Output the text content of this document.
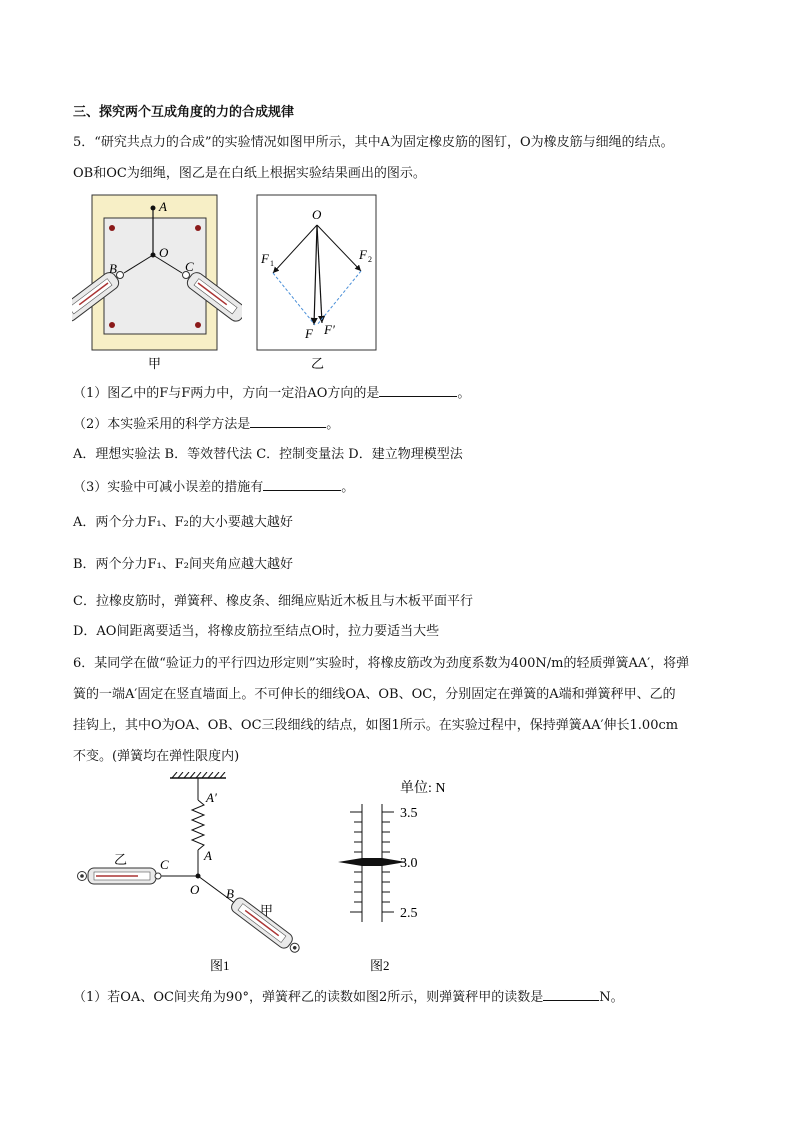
三、探究两个互成角度的力的合成规律
5．“研究共点力的合成”的实验情况如图甲所示，其中A为固定橡皮筋的图钉，O为橡皮筋与细绳的结点。
OB和OC为细绳，图乙是在白纸上根据实验结果画出的图示。
A
O
B	C
甲
O
F 1
F 2
F F′
乙
（1）图乙中的F与F两力中，方向一定沿AO方向的是	。
（2）本实验采用的科学方法是	。
A．理想实验法 B．等效替代法 C．控制变量法 D．建立物理模型法
（3）实验中可减小误差的措施有	。
A．两个分力F₁、F₂的大小要越大越好
B．两个分力F₁、F₂间夹角应越大越好
C．拉橡皮筋时，弹簧秤、橡皮条、细绳应贴近木板且与木板平面平行
D．AO间距离要适当，将橡皮筋拉至结点O时，拉力要适当大些
6．某同学在做“验证力的平行四边形定则”实验时，将橡皮筋改为劲度系数为400N/m的轻质弹簧AA′，将弹
簧的一端A′固定在竖直墙面上。不可伸长的细线OA、OB、OC，分别固定在弹簧的A端和弹簧秤甲、乙的
挂钩上，其中O为OA、OB、OC三段细线的结点，如图1所示。在实验过程中，保持弹簧AA′伸长1.00cm
不变。(弹簧均在弹性限度内)
A′
A
C
O B
乙
甲
图1
单位: N
3.5
3.0
2.5
图2
（1）若OA、OC间夹角为90°，弹簧秤乙的读数如图2所示，则弹簧秤甲的读数是	N。
